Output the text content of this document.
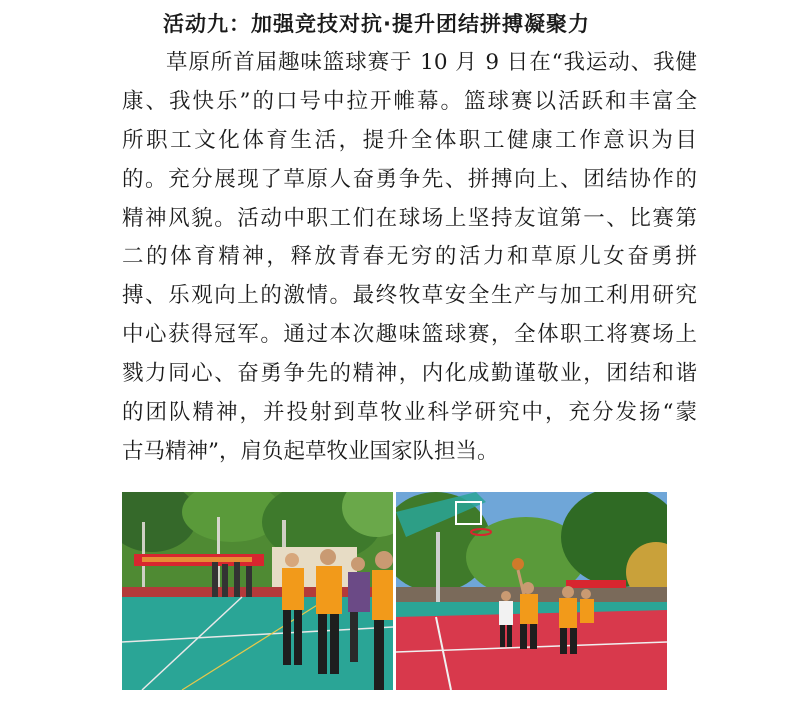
活动九：加强竞技对抗·提升团结拼搏凝聚力
草原所首届趣味篮球赛于 10 月 9 日在“我运动、我健
康、我快乐”的口号中拉开帷幕。篮球赛以活跃和丰富全
所职工文化体育生活，提升全体职工健康工作意识为目
的。充分展现了草原人奋勇争先、拼搏向上、团结协作的
精神风貌。活动中职工们在球场上坚持友谊第一、比赛第
二的体育精神，释放青春无穷的活力和草原儿女奋勇拼
搏、乐观向上的激情。最终牧草安全生产与加工利用研究
中心获得冠军。通过本次趣味篮球赛，全体职工将赛场上
戮力同心、奋勇争先的精神，内化成勤谨敬业，团结和谐
的团队精神，并投射到草牧业科学研究中，充分发扬“蒙
古马精神”，肩负起草牧业国家队担当。
